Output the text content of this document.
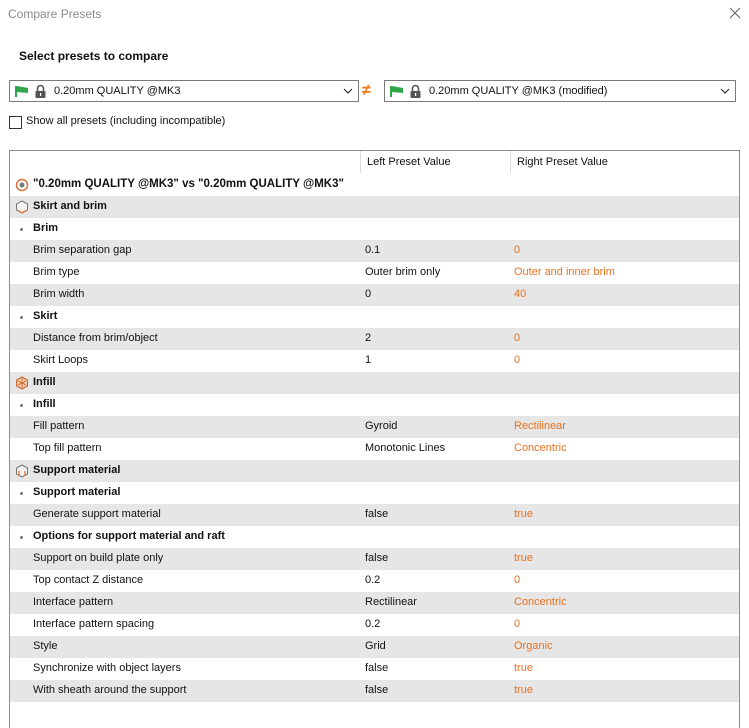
Compare Presets
Select presets to compare
0.20mm QUALITY @MK3	≠	0.20mm QUALITY @MK3 (modified)
Show all presets (including incompatible)
Left Preset Value	Right Preset Value
"0.20mm QUALITY @MK3" vs "0.20mm QUALITY @MK3"
Skirt and brim
Brim
Brim separation gap	0.1	0
Brim type	Outer brim only	Outer and inner brim
Brim width	0	40
Skirt
Distance from brim/object	2	0
Skirt Loops	1	0
Infill
Infill
Fill pattern	Gyroid	Rectilinear
Top fill pattern	Monotonic Lines	Concentric
Support material
Support material
Generate support material	false	true
Options for support material and raft
Support on build plate only	false	true
Top contact Z distance	0.2	0
Interface pattern	Rectilinear	Concentric
Interface pattern spacing	0.2	0
Style	Grid	Organic
Synchronize with object layers	false	true
With sheath around the support	false	true
